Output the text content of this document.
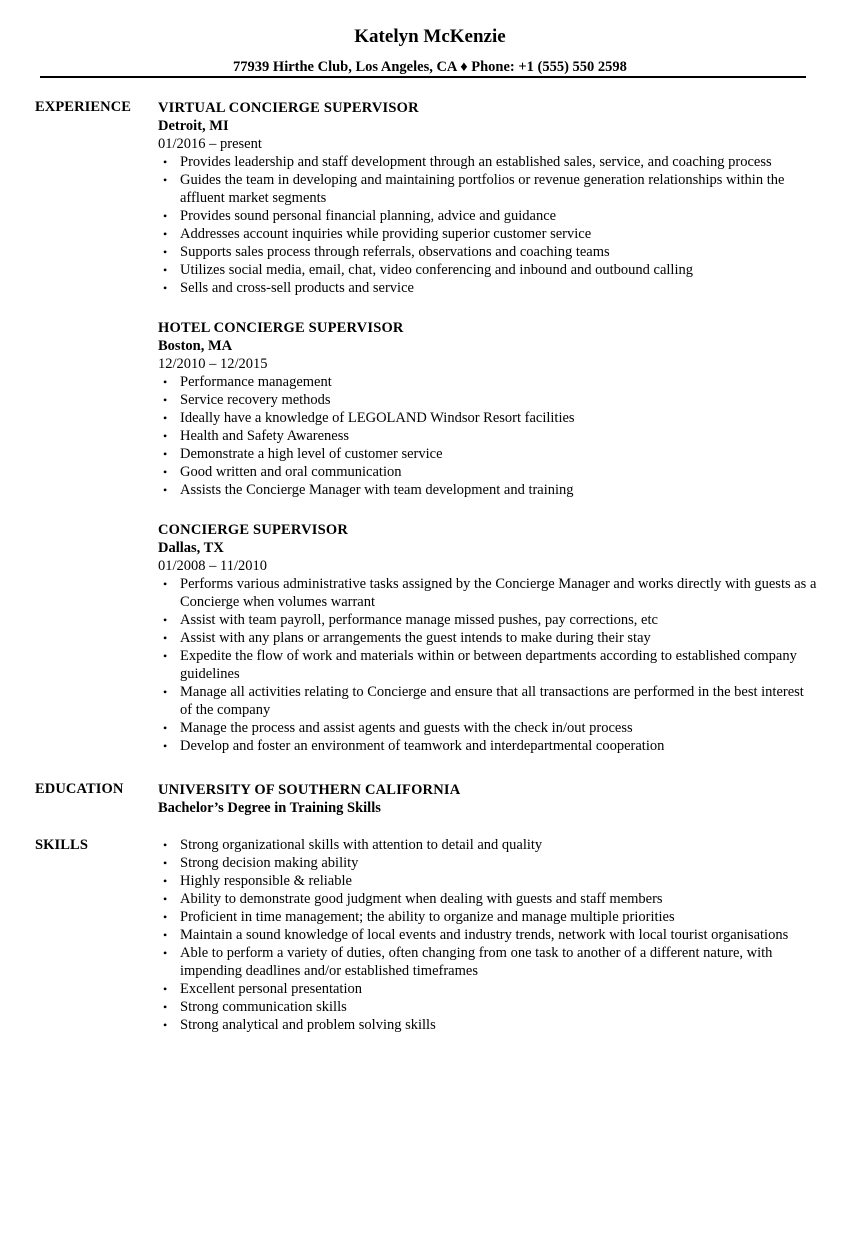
Katelyn McKenzie
77939 Hirthe Club, Los Angeles, CA ♦ Phone: +1 (555) 550 2598
EXPERIENCE VIRTUAL CONCIERGE SUPERVISOR
Detroit, MI
01/2016 – present
• Provides leadership and staff development through an established sales, service, and coaching process
• Guides the team in developing and maintaining portfolios or revenue generation relationships within the affluent market segments
• Provides sound personal financial planning, advice and guidance
• Addresses account inquiries while providing superior customer service
• Supports sales process through referrals, observations and coaching teams
• Utilizes social media, email, chat, video conferencing and inbound and outbound calling
• Sells and cross-sell products and service
HOTEL CONCIERGE SUPERVISOR
Boston, MA
12/2010 – 12/2015
• Performance management
• Service recovery methods
• Ideally have a knowledge of LEGOLAND Windsor Resort facilities
• Health and Safety Awareness
• Demonstrate a high level of customer service
• Good written and oral communication
• Assists the Concierge Manager with team development and training
CONCIERGE SUPERVISOR
Dallas, TX
01/2008 – 11/2010
• Performs various administrative tasks assigned by the Concierge Manager and works directly with guests as a Concierge when volumes warrant
• Assist with team payroll, performance manage missed pushes, pay corrections, etc
• Assist with any plans or arrangements the guest intends to make during their stay
• Expedite the flow of work and materials within or between departments according to established company guidelines
• Manage all activities relating to Concierge and ensure that all transactions are performed in the best interest of the company
• Manage the process and assist agents and guests with the check in/out process
• Develop and foster an environment of teamwork and interdepartmental cooperation
EDUCATION UNIVERSITY OF SOUTHERN CALIFORNIA
Bachelor’s Degree in Training Skills
SKILLS
•	Strong organizational skills with attention to detail and quality
• Strong decision making ability
• Highly responsible & reliable
• Ability to demonstrate good judgment when dealing with guests and staff members
• Proficient in time management; the ability to organize and manage multiple priorities
• Maintain a sound knowledge of local events and industry trends, network with local tourist organisations
• Able to perform a variety of duties, often changing from one task to another of a different nature, with impending deadlines and/or established timeframes
• Excellent personal presentation
• Strong communication skills
• Strong analytical and problem solving skills
